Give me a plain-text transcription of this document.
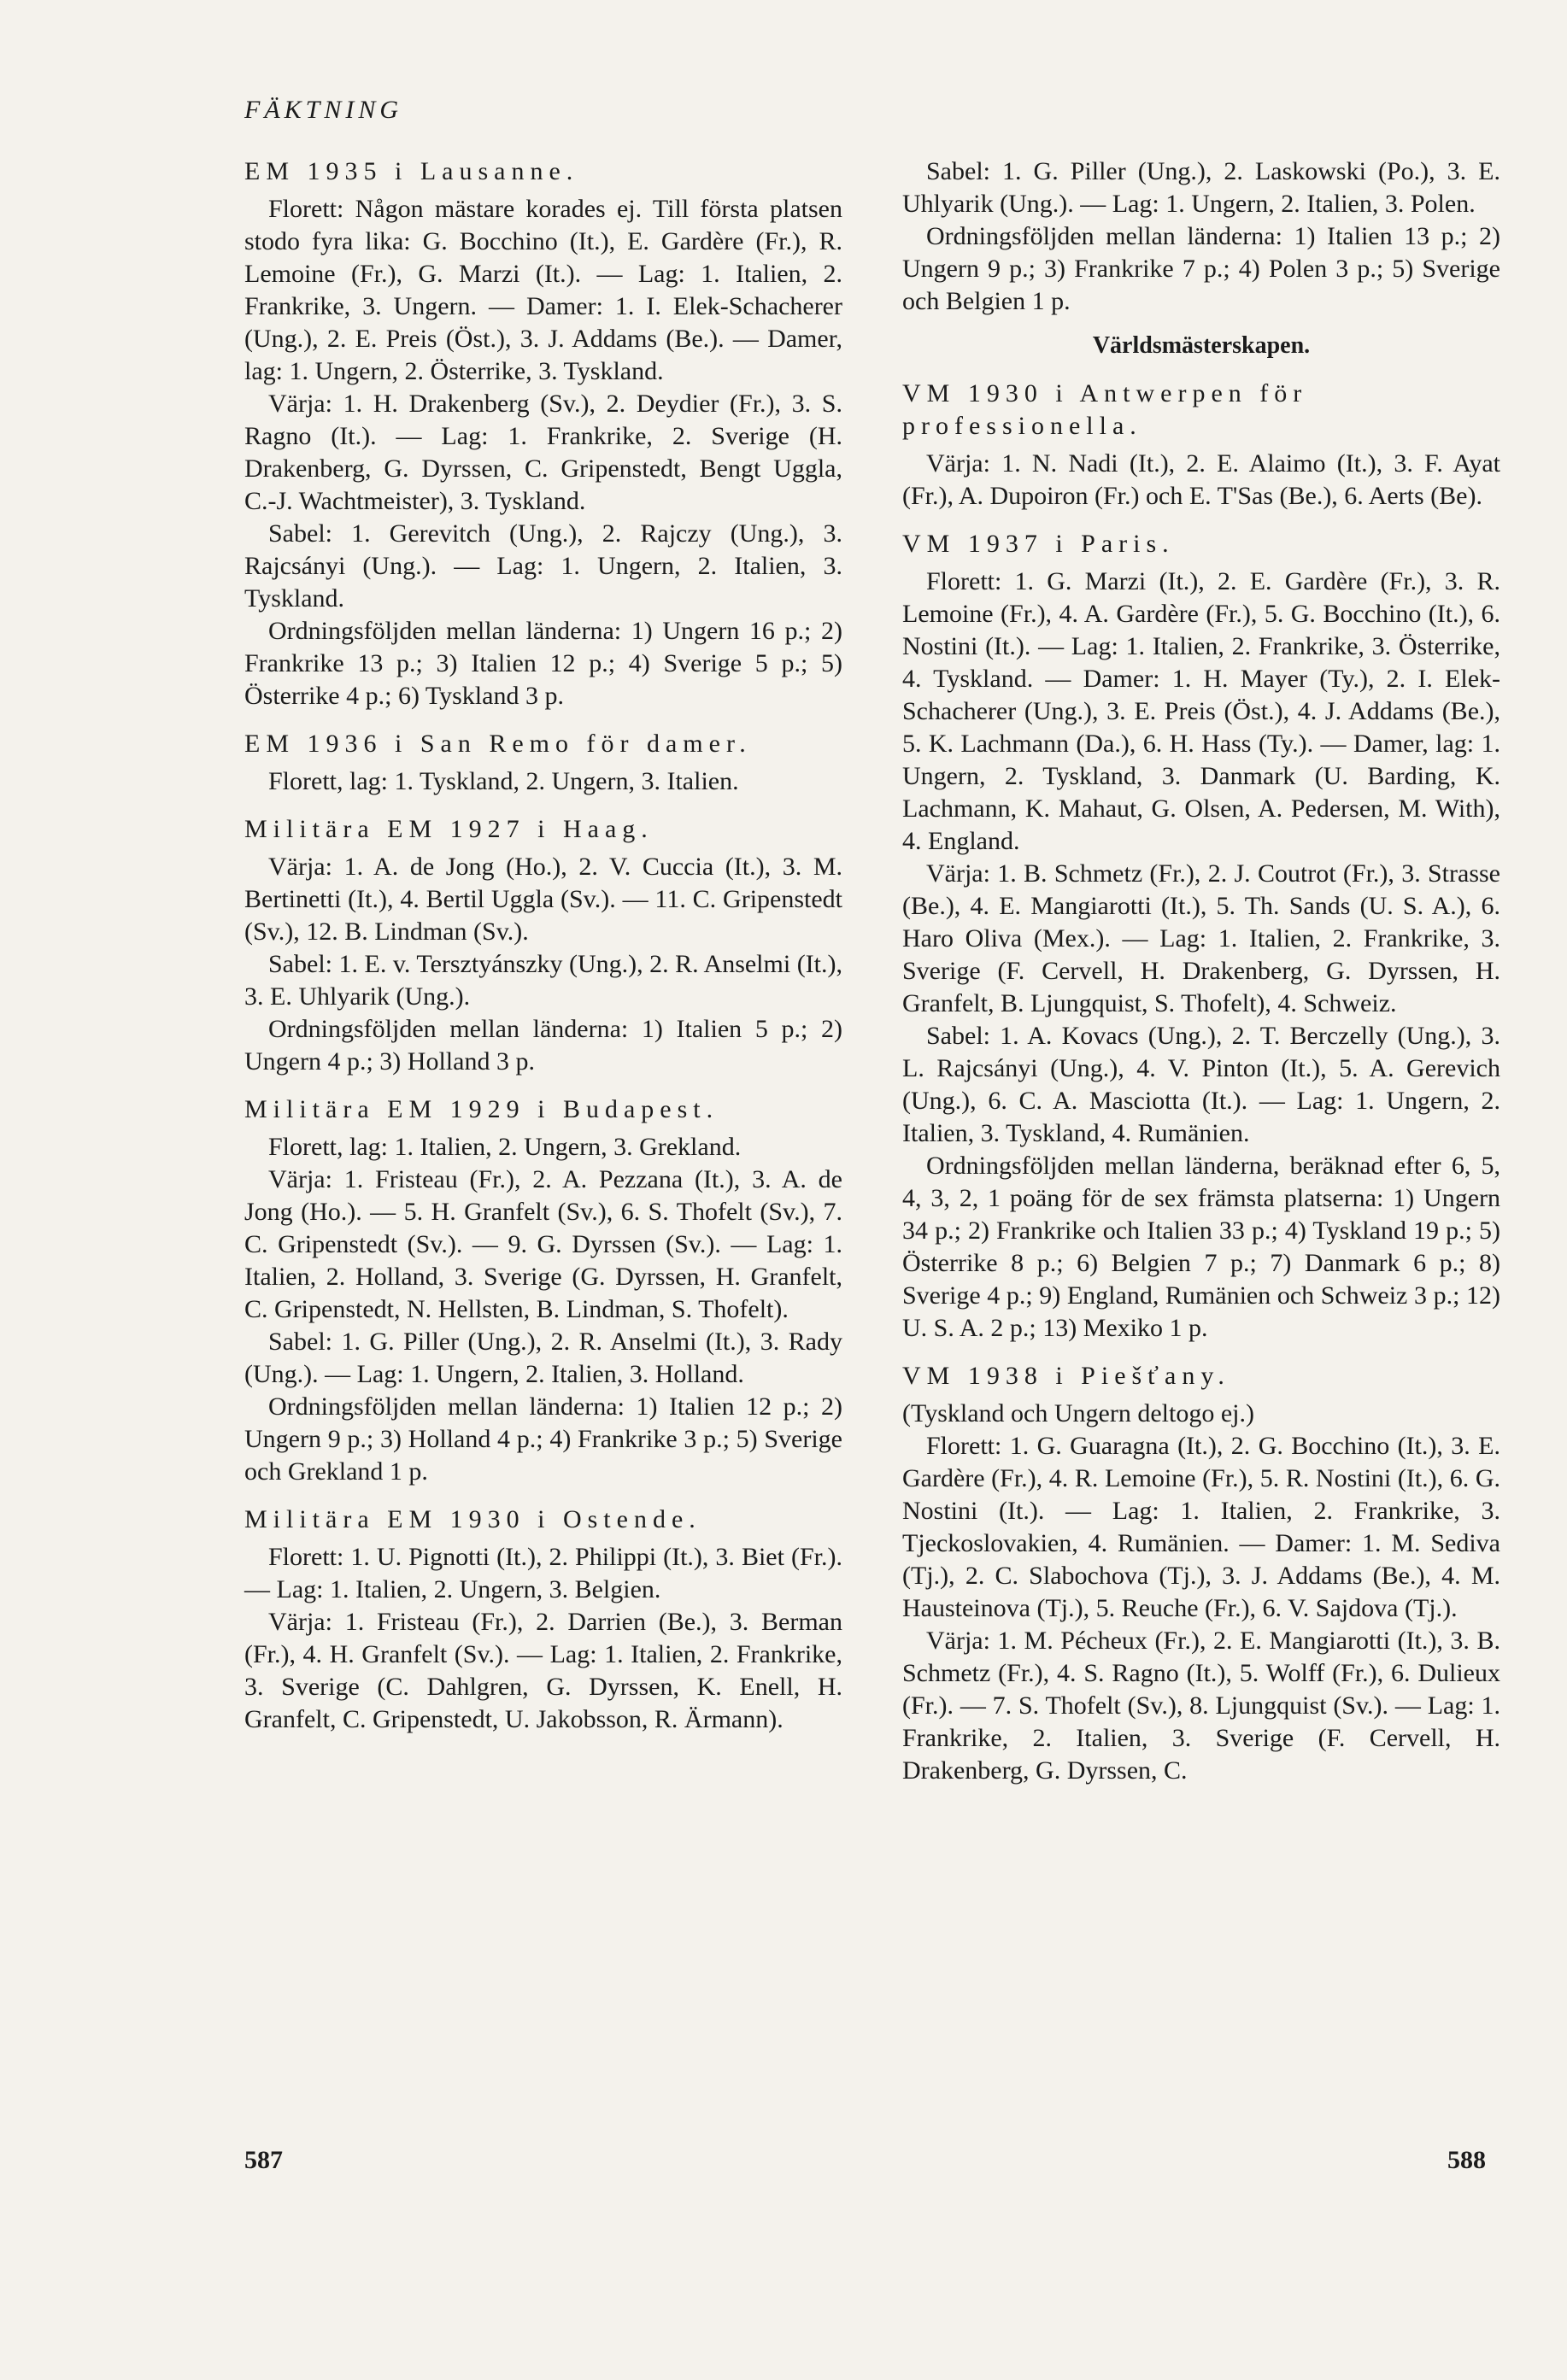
FÄKTNING
EM 1935 i Lausanne.

Florett: Någon mästare korades ej. Till första platsen stodo fyra lika: G. Bocchino (It.), E. Gardère (Fr.), R. Lemoine (Fr.), G. Marzi (It.). — Lag: 1. Italien, 2. Frankrike, 3. Ungern. — Damer: 1. I. Elek-Schacherer (Ung.), 2. E. Preis (Öst.), 3. J. Addams (Be.). — Damer, lag: 1. Ungern, 2. Österrike, 3. Tyskland.

Värja: 1. H. Drakenberg (Sv.), 2. Deydier (Fr.), 3. S. Ragno (It.). — Lag: 1. Frankrike, 2. Sverige (H. Drakenberg, G. Dyrssen, C. Gripenstedt, Bengt Uggla, C.-J. Wachtmeister), 3. Tyskland.

Sabel: 1. Gerevitch (Ung.), 2. Rajczy (Ung.), 3. Rajcsányi (Ung.). — Lag: 1. Ungern, 2. Italien, 3. Tyskland.

Ordningsföljden mellan länderna: 1) Ungern 16 p.; 2) Frankrike 13 p.; 3) Italien 12 p.; 4) Sverige 5 p.; 5) Österrike 4 p.; 6) Tyskland 3 p.

EM 1936 i San Remo för damer.

Florett, lag: 1. Tyskland, 2. Ungern, 3. Italien.

Militära EM 1927 i Haag.

Värja: 1. A. de Jong (Ho.), 2. V. Cuccia (It.), 3. M. Bertinetti (It.), 4. Bertil Uggla (Sv.). — 11. C. Gripenstedt (Sv.), 12. B. Lindman (Sv.).

Sabel: 1. E. v. Tersztyánszky (Ung.), 2. R. Anselmi (It.), 3. E. Uhlyarik (Ung.).

Ordningsföljden mellan länderna: 1) Italien 5 p.; 2) Ungern 4 p.; 3) Holland 3 p.

Militära EM 1929 i Budapest.

Florett, lag: 1. Italien, 2. Ungern, 3. Grekland.

Värja: 1. Fristeau (Fr.), 2. A. Pezzana (It.), 3. A. de Jong (Ho.). — 5. H. Granfelt (Sv.), 6. S. Thofelt (Sv.), 7. C. Gripenstedt (Sv.). — 9. G. Dyrssen (Sv.). — Lag: 1. Italien, 2. Holland, 3. Sverige (G. Dyrssen, H. Granfelt, C. Gripenstedt, N. Hellsten, B. Lindman, S. Thofelt).

Sabel: 1. G. Piller (Ung.), 2. R. Anselmi (It.), 3. Rady (Ung.). — Lag: 1. Ungern, 2. Italien, 3. Holland.

Ordningsföljden mellan länderna: 1) Italien 12 p.; 2) Ungern 9 p.; 3) Holland 4 p.; 4) Frankrike 3 p.; 5) Sverige och Grekland 1 p.

Militära EM 1930 i Ostende.

Florett: 1. U. Pignotti (It.), 2. Philippi (It.), 3. Biet (Fr.). — Lag: 1. Italien, 2. Ungern, 3. Belgien.

Värja: 1. Fristeau (Fr.), 2. Darrien (Be.), 3. Berman (Fr.), 4. H. Granfelt (Sv.). — Lag: 1. Italien, 2. Frankrike, 3. Sverige (C. Dahlgren, G. Dyrssen, K. Enell, H. Granfelt, C. Gripenstedt, U. Jakobsson, R. Ärmann).

Sabel: 1. G. Piller (Ung.), 2. Laskowski (Po.), 3. E. Uhlyarik (Ung.). — Lag: 1. Ungern, 2. Italien, 3. Polen.

Ordningsföljden mellan länderna: 1) Italien 13 p.; 2) Ungern 9 p.; 3) Frankrike 7 p.; 4) Polen 3 p.; 5) Sverige och Belgien 1 p.

Världsmästerskapen.
VM 1930 i Antwerpen för professionella.

Värja: 1. N. Nadi (It.), 2. E. Alaimo (It.), 3. F. Ayat (Fr.), A. Dupoiron (Fr.) och E. T'Sas (Be.), 6. Aerts (Be).

VM 1937 i Paris.

Florett: 1. G. Marzi (It.), 2. E. Gardère (Fr.), 3. R. Lemoine (Fr.), 4. A. Gardère (Fr.), 5. G. Bocchino (It.), 6. Nostini (It.). — Lag: 1. Italien, 2. Frankrike, 3. Österrike, 4. Tyskland. — Damer: 1. H. Mayer (Ty.), 2. I. Elek-Schacherer (Ung.), 3. E. Preis (Öst.), 4. J. Addams (Be.), 5. K. Lachmann (Da.), 6. H. Hass (Ty.). — Damer, lag: 1. Ungern, 2. Tyskland, 3. Danmark (U. Barding, K. Lachmann, K. Mahaut, G. Olsen, A. Pedersen, M. With), 4. England.

Värja: 1. B. Schmetz (Fr.), 2. J. Coutrot (Fr.), 3. Strasse (Be.), 4. E. Mangiarotti (It.), 5. Th. Sands (U. S. A.), 6. Haro Oliva (Mex.). — Lag: 1. Italien, 2. Frankrike, 3. Sverige (F. Cervell, H. Drakenberg, G. Dyrssen, H. Granfelt, B. Ljungquist, S. Thofelt), 4. Schweiz.

Sabel: 1. A. Kovacs (Ung.), 2. T. Berczelly (Ung.), 3. L. Rajcsányi (Ung.), 4. V. Pinton (It.), 5. A. Gerevich (Ung.), 6. C. A. Masciotta (It.). — Lag: 1. Ungern, 2. Italien, 3. Tyskland, 4. Rumänien.

Ordningsföljden mellan länderna, beräknad efter 6, 5, 4, 3, 2, 1 poäng för de sex främsta platserna: 1) Ungern 34 p.; 2) Frankrike och Italien 33 p.; 4) Tyskland 19 p.; 5) Österrike 8 p.; 6) Belgien 7 p.; 7) Danmark 6 p.; 8) Sverige 4 p.; 9) England, Rumänien och Schweiz 3 p.; 12) U. S. A. 2 p.; 13) Mexiko 1 p.

VM 1938 i Piešťany.

(Tyskland och Ungern deltogo ej.)

Florett: 1. G. Guaragna (It.), 2. G. Bocchino (It.), 3. E. Gardère (Fr.), 4. R. Lemoine (Fr.), 5. R. Nostini (It.), 6. G. Nostini (It.). — Lag: 1. Italien, 2. Frankrike, 3. Tjeckoslovakien, 4. Rumänien. — Damer: 1. M. Sediva (Tj.), 2. C. Slabochova (Tj.), 3. J. Addams (Be.), 4. M. Hausteinova (Tj.), 5. Reuche (Fr.), 6. V. Sajdova (Tj.).

Värja: 1. M. Pécheux (Fr.), 2. E. Mangiarotti (It.), 3. B. Schmetz (Fr.), 4. S. Ragno (It.), 5. Wolff (Fr.), 6. Dulieux (Fr.). — 7. S. Thofelt (Sv.), 8. Ljungquist (Sv.). — Lag: 1. Frankrike, 2. Italien, 3. Sverige (F. Cervell, H. Drakenberg, G. Dyrssen, C.

587	588
